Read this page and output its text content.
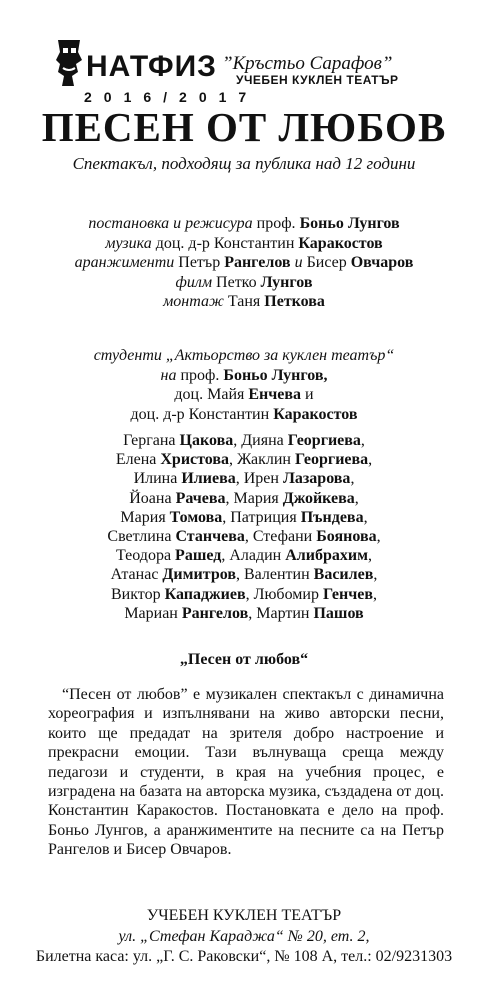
НАТФИЗ ”Кръстьо Сарафов”
УЧЕБЕН КУКЛЕН ТЕАТЪР
2016/2017
ПЕСЕН ОТ ЛЮБОВ
Спектакъл, подходящ за публика над 12 години
постановка и режисура проф. Боньо Лунгов
музика доц. д-р Константин Каракостов
аранжименти Петър Рангелов и Бисер Овчаров
филм Петко Лунгов
монтаж Таня Петкова
студенти „Актьорство за куклен театър“
на проф. Боньо Лунгов,
доц. Майя Енчева и
доц. д-р Константин Каракостов
Гергана Цакова, Дияна Георгиева,
Елена Христова, Жаклин Георгиева,
Илина Илиева, Ирен Лазарова,
Йоана Рачева, Мария Джойкева,
Мария Томова, Патриция Пъндева,
Светлина Станчева, Стефани Боянова,
Теодора Рашед, Аладин Алибрахим,
Атанас Димитров, Валентин Василев,
Виктор Кападжиев, Любомир Генчев,
Мариан Рангелов, Мартин Пашов
„Песен от любов“
“Песен от любов” е музикален спектакъл с динамична хореография и изпълнявани на живо авторски песни, които ще предадат на зрителя добро настроение и прекрасни емоции. Тази вълнуваща среща между педагози и студенти, в края на учебния процес, е изградена на базата на авторска музика, създадена от доц. Константин Каракостов. Постановката е дело на проф. Боньо Лунгов, а аранжиментите на песните са на Петър Рангелов и Бисер Овчаров.
УЧЕБЕН КУКЛЕН ТЕАТЪР
ул. „Стефан Караджа“ № 20, ет. 2,
Билетна каса: ул. „Г. С. Раковски“, № 108 А, тел.: 02/9231303
